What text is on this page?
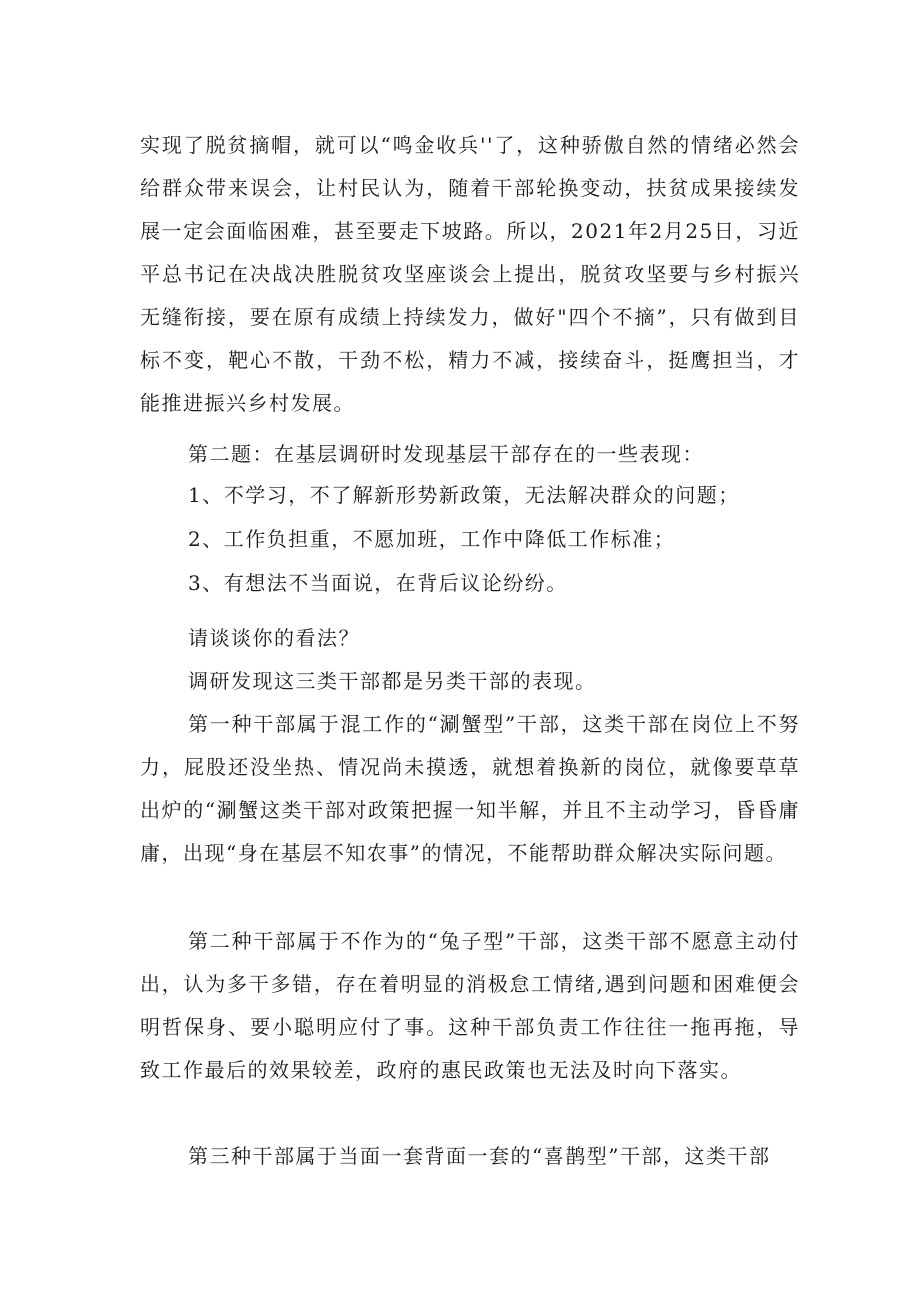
实现了脱贫摘帽，就可以“鸣金收兵''了，这种骄傲自然的情绪必然会给群众带来误会，让村民认为，随着干部轮换变动，扶贫成果接续发展一定会面临困难，甚至要走下坡路。所以，2021年2月25日，习近平总书记在决战决胜脱贫攻坚座谈会上提出，脱贫攻坚要与乡村振兴无缝衔接，要在原有成绩上持续发力，做好"四个不摘”，只有做到目标不变，靶心不散，干劲不松，精力不减，接续奋斗，挺鹰担当，才能推进振兴乡村发展。

第二题：在基层调研时发现基层干部存在的一些表现：

1、不学习，不了解新形势新政策，无法解决群众的问题；

2、工作负担重，不愿加班，工作中降低工作标准；

3、有想法不当面说，在背后议论纷纷。

请谈谈你的看法？

调研发现这三类干部都是另类干部的表现。

第一种干部属于混工作的“涮蟹型”干部，这类干部在岗位上不努力，屁股还没坐热、情况尚未摸透，就想着换新的岗位，就像要草草出炉的“涮蟹这类干部对政策把握一知半解，并且不主动学习，昏昏庸庸，出现“身在基层不知农事”的情况，不能帮助群众解决实际问题。

第二种干部属于不作为的“兔子型”干部，这类干部不愿意主动付出，认为多干多错，存在着明显的消极怠工情绪,遇到问题和困难便会明哲保身、要小聪明应付了事。这种干部负责工作往往一拖再拖，导致工作最后的效果较差，政府的惠民政策也无法及时向下落实。

第三种干部属于当面一套背面一套的“喜鹊型”干部，这类干部
